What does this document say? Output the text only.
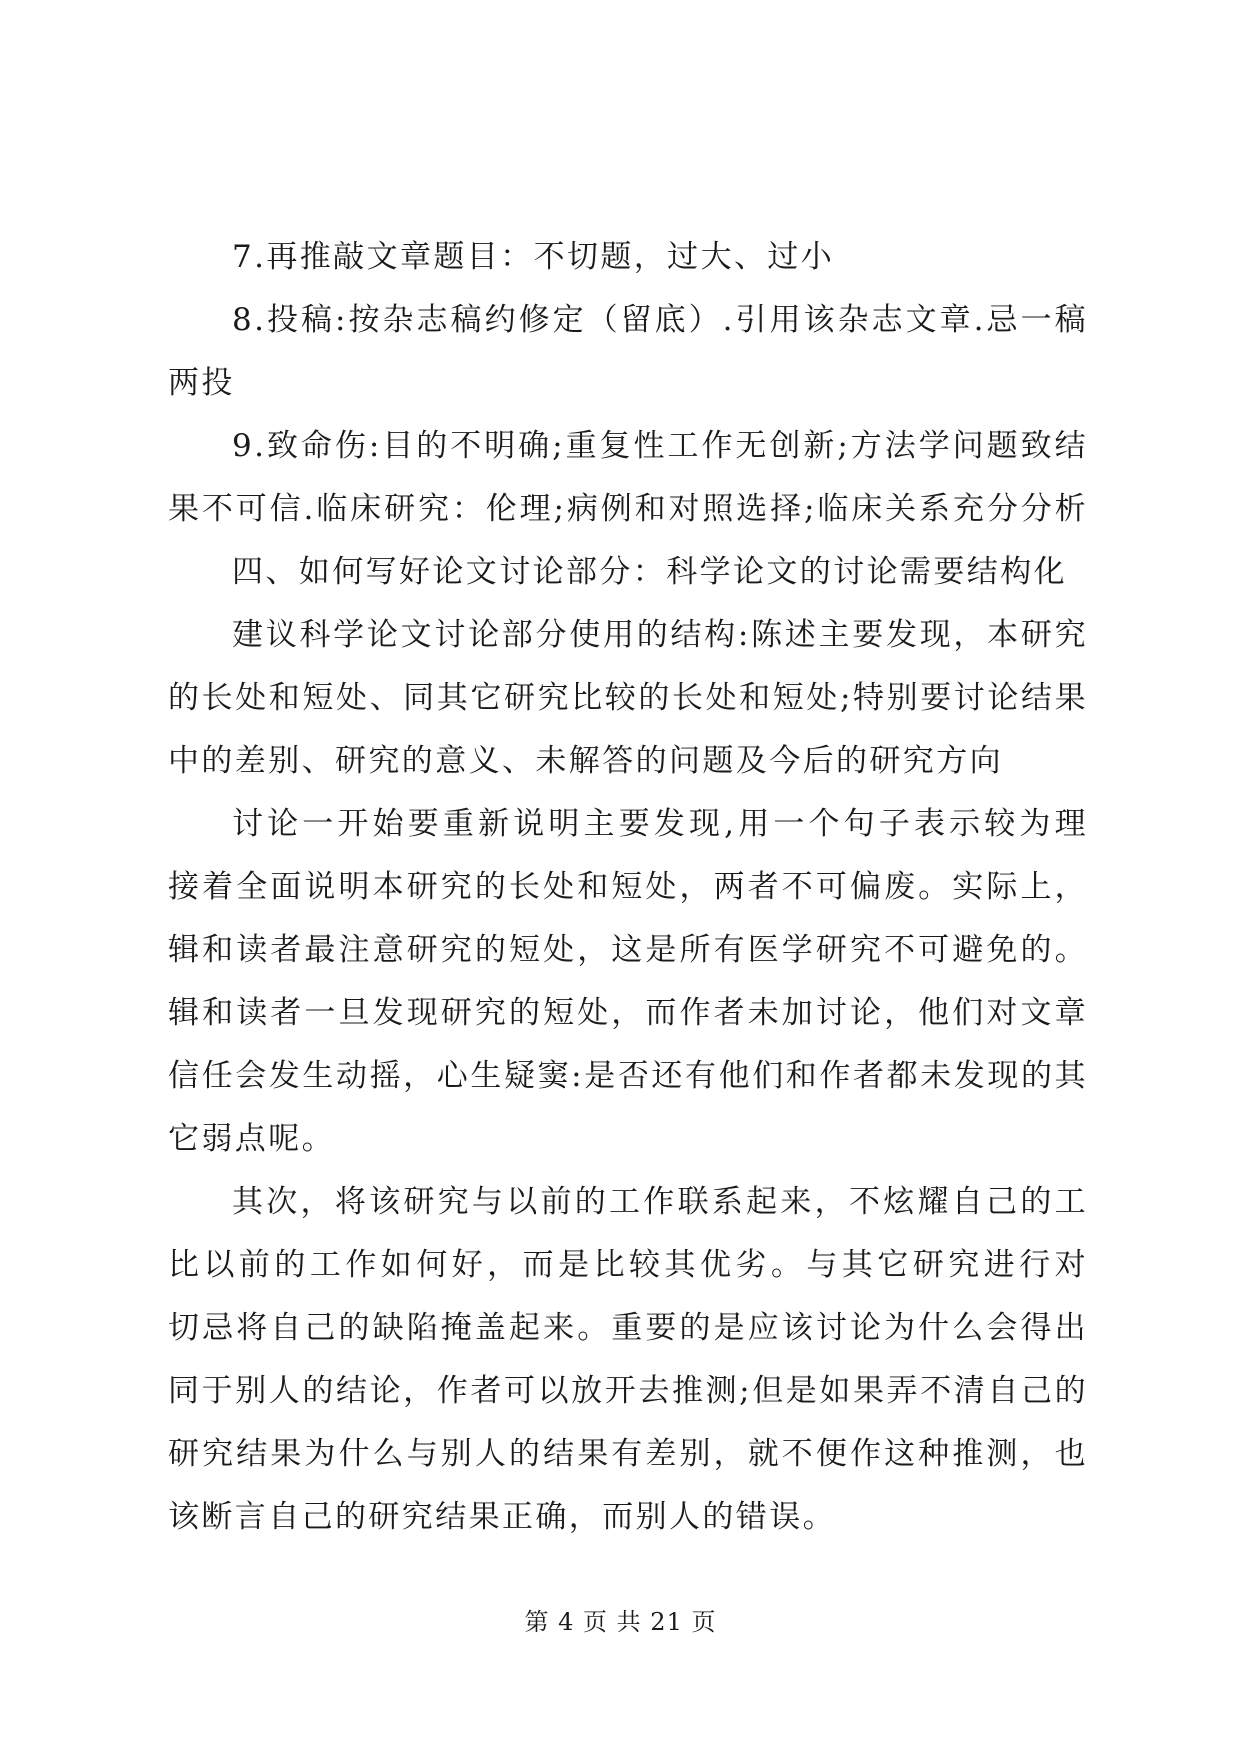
7.再推敲文章题目：不切题，过大、过小
8.投稿:按杂志稿约修定（留底）.引用该杂志文章.忌一稿
两投
9.致命伤:目的不明确;重复性工作无创新;方法学问题致结
果不可信.临床研究：伦理;病例和对照选择;临床关系充分分析
四、如何写好论文讨论部分：科学论文的讨论需要结构化
建议科学论文讨论部分使用的结构:陈述主要发现，本研究
的长处和短处、同其它研究比较的长处和短处;特别要讨论结果
中的差别、研究的意义、未解答的问题及今后的研究方向
讨论一开始要重新说明主要发现,用一个句子表示较为理
接着全面说明本研究的长处和短处，两者不可偏废。实际上，
辑和读者最注意研究的短处，这是所有医学研究不可避免的。
辑和读者一旦发现研究的短处，而作者未加讨论，他们对文章
信任会发生动摇，心生疑窦:是否还有他们和作者都未发现的其
它弱点呢。
其次，将该研究与以前的工作联系起来，不炫耀自己的工
比以前的工作如何好，而是比较其优劣。与其它研究进行对
切忌将自己的缺陷掩盖起来。重要的是应该讨论为什么会得出
同于别人的结论，作者可以放开去推测;但是如果弄不清自己的
研究结果为什么与别人的结果有差别，就不便作这种推测，也
该断言自己的研究结果正确，而别人的错误。
第 4 页 共 21 页
